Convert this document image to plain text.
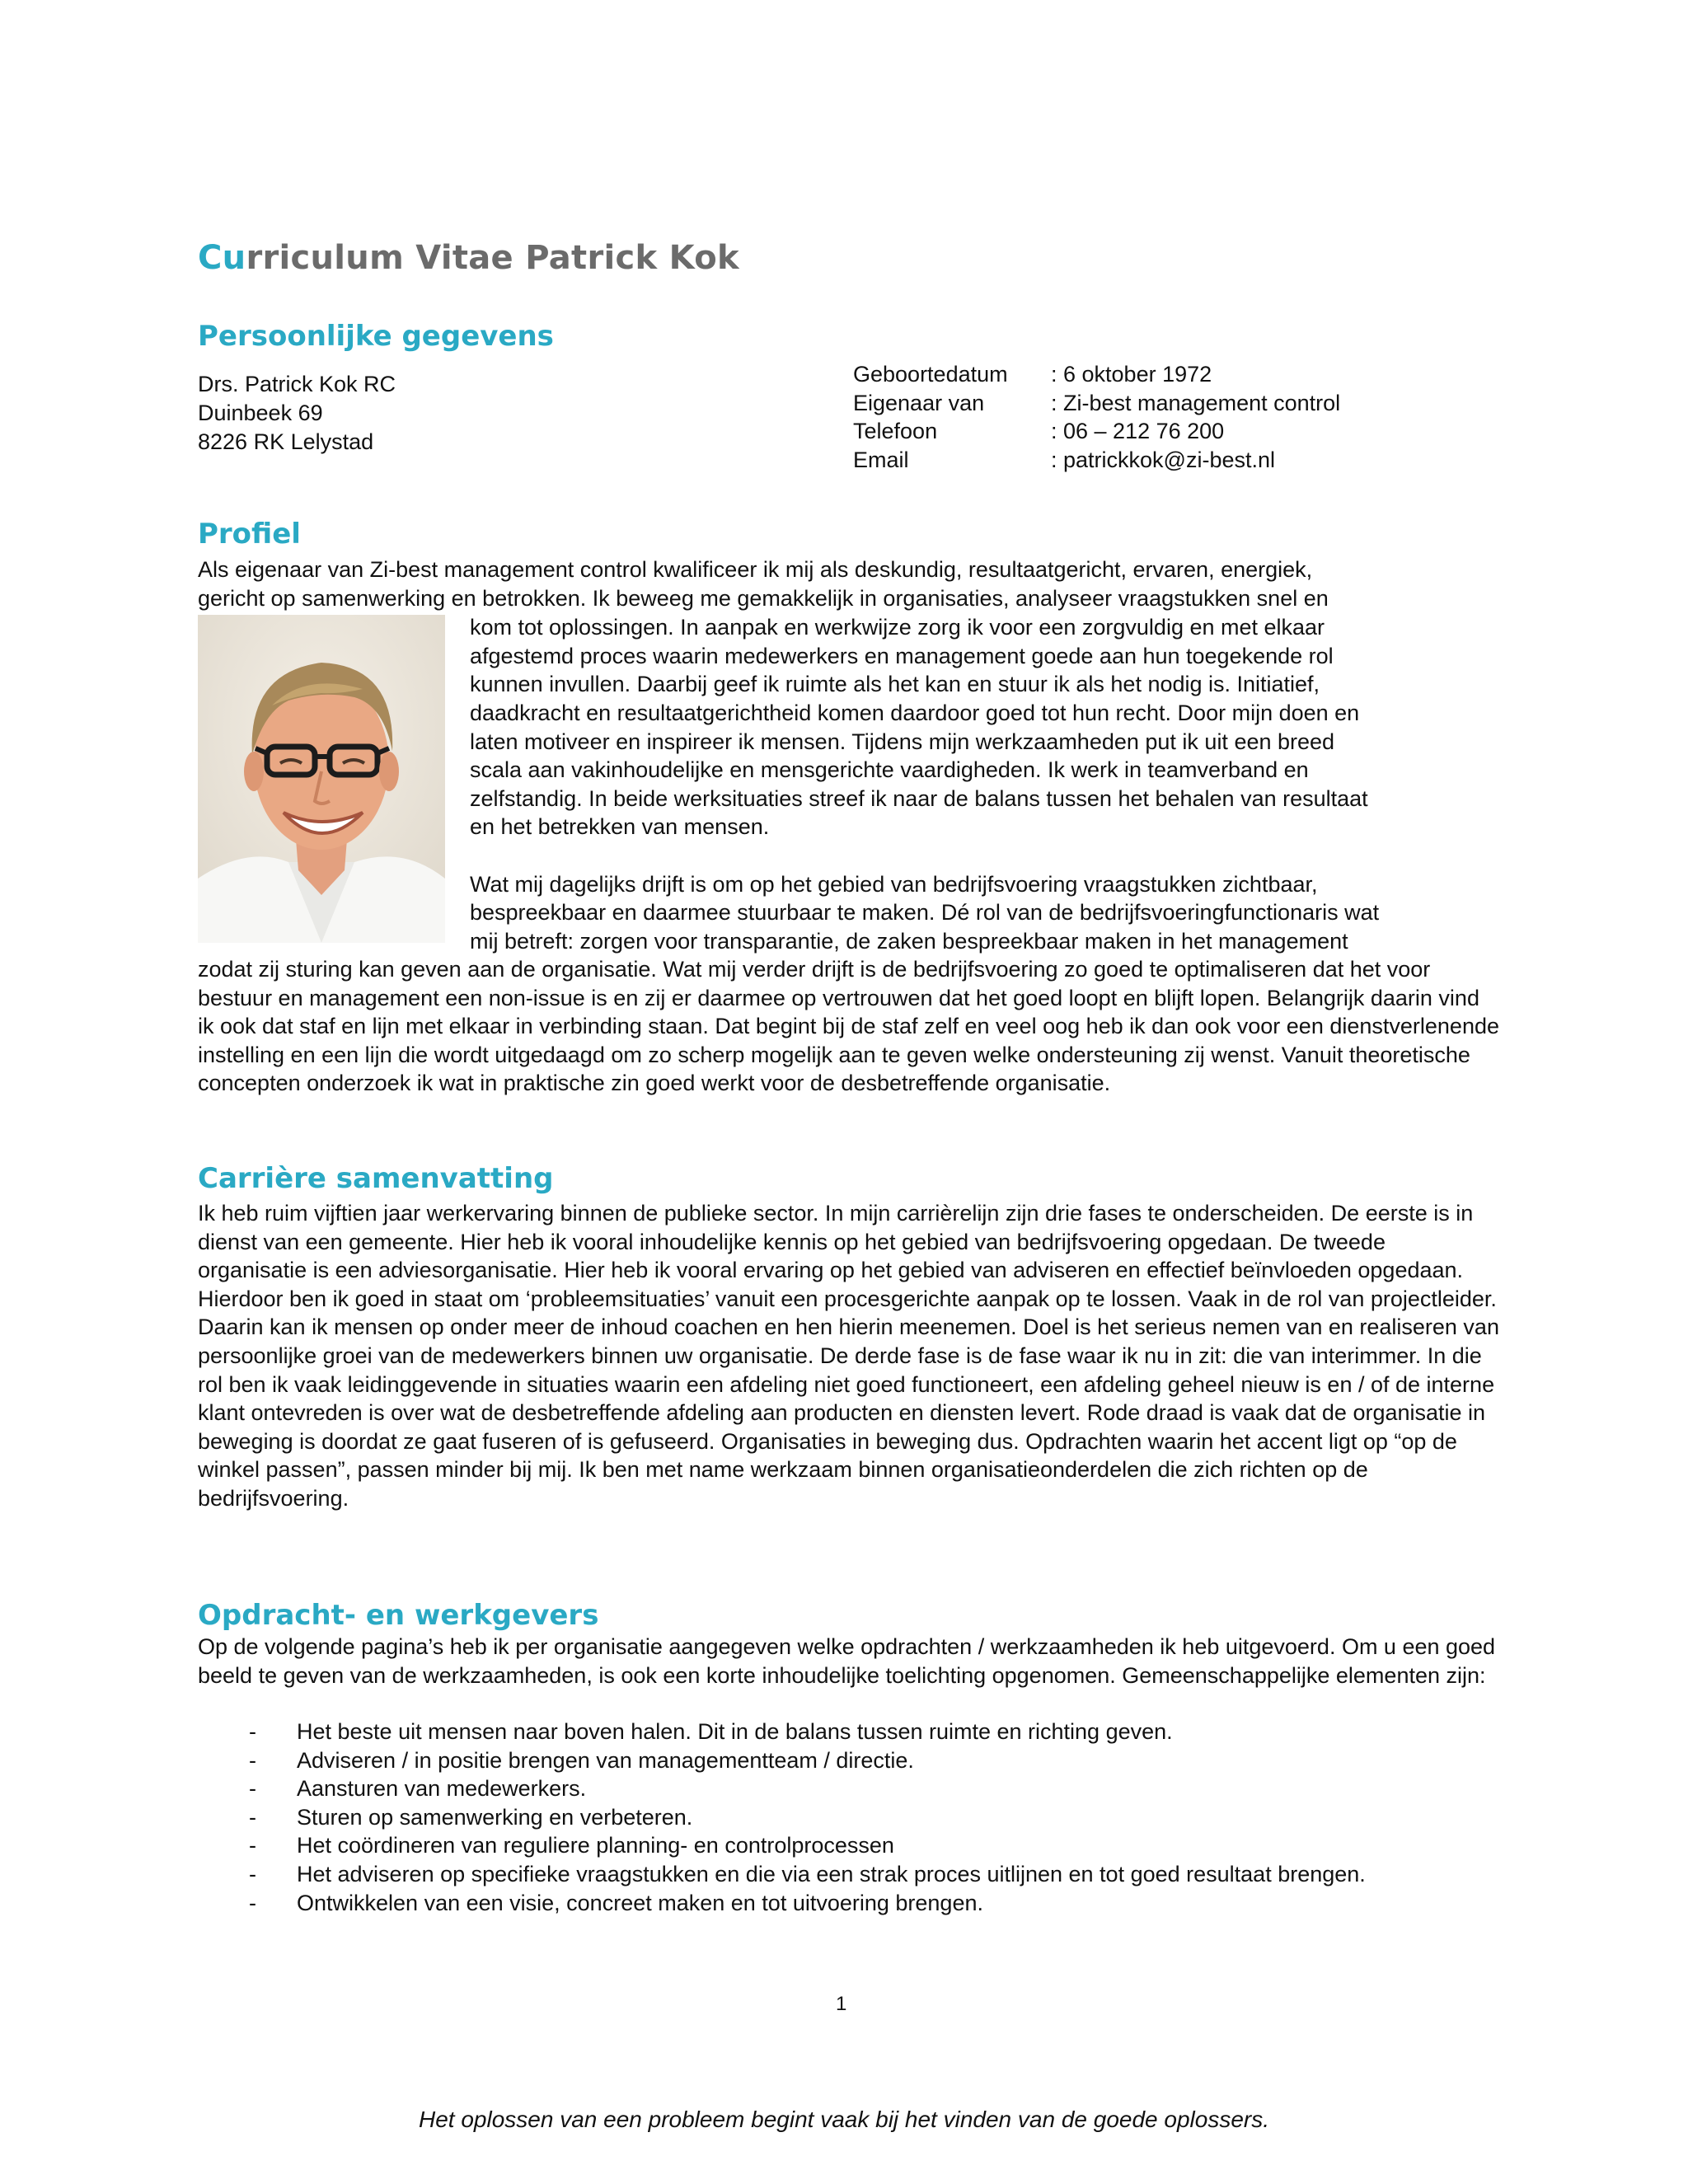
Curriculum Vitae Patrick Kok
Persoonlijke gegevens
Drs. Patrick Kok RC
Duinbeek 69
8226 RK Lelystad
Geboortedatum	: 6 oktober 1972
Eigenaar van	: Zi-best management control
Telefoon	: 06 – 212 76 200
Email	: patrickkok@zi-best.nl
Profiel
Als eigenaar van Zi-best management control kwalificeer ik mij als deskundig, resultaatgericht, ervaren, energiek,
gericht op samenwerking en betrokken. Ik beweeg me gemakkelijk in organisaties, analyseer vraagstukken snel en
kom tot oplossingen. In aanpak en werkwijze zorg ik voor een zorgvuldig en met elkaar
afgestemd proces waarin medewerkers en management goede aan hun toegekende rol
kunnen invullen. Daarbij geef ik ruimte als het kan en stuur ik als het nodig is. Initiatief,
daadkracht en resultaatgerichtheid komen daardoor goed tot hun recht. Door mijn doen en
laten motiveer en inspireer ik mensen. Tijdens mijn werkzaamheden put ik uit een breed
scala aan vakinhoudelijke en mensgerichte vaardigheden. Ik werk in teamverband en
zelfstandig. In beide werksituaties streef ik naar de balans tussen het behalen van resultaat
en het betrekken van mensen.
Wat mij dagelijks drijft is om op het gebied van bedrijfsvoering vraagstukken zichtbaar,
bespreekbaar en daarmee stuurbaar te maken. Dé rol van de bedrijfsvoeringfunctionaris wat
mij betreft: zorgen voor transparantie, de zaken bespreekbaar maken in het management

zodat zij sturing kan geven aan de organisatie. Wat mij verder drijft is de bedrijfsvoering zo goed te optimaliseren dat het voor bestuur en management een non-issue is en zij er daarmee op vertrouwen dat het goed loopt en blijft lopen. Belangrijk daarin vind ik ook dat staf en lijn met elkaar in verbinding staan. Dat begint bij de staf zelf en veel oog heb ik dan ook voor een dienstverlenende instelling en een lijn die wordt uitgedaagd om zo scherp mogelijk aan te geven welke ondersteuning zij wenst. Vanuit theoretische concepten onderzoek ik wat in praktische zin goed werkt voor de desbetreffende organisatie.

Carrière samenvatting

Ik heb ruim vijftien jaar werkervaring binnen de publieke sector. In mijn carrièrelijn zijn drie fases te onderscheiden. De eerste is in dienst van een gemeente. Hier heb ik vooral inhoudelijke kennis op het gebied van bedrijfsvoering opgedaan. De tweede organisatie is een adviesorganisatie. Hier heb ik vooral ervaring op het gebied van adviseren en effectief beïnvloeden opgedaan. Hierdoor ben ik goed in staat om ‘probleemsituaties’ vanuit een procesgerichte aanpak op te lossen. Vaak in de rol van projectleider. Daarin kan ik mensen op onder meer de inhoud coachen en hen hierin meenemen. Doel is het serieus nemen van en realiseren van persoonlijke groei van de medewerkers binnen uw organisatie. De derde fase is de fase waar ik nu in zit: die van interimmer. In die rol ben ik vaak leidinggevende in situaties waarin een afdeling niet goed functioneert, een afdeling geheel nieuw is en / of de interne klant ontevreden is over wat de desbetreffende afdeling aan producten en diensten levert. Rode draad is vaak dat de organisatie in beweging is doordat ze gaat fuseren of is gefuseerd. Organisaties in beweging dus. Opdrachten waarin het accent ligt op “op de winkel passen”, passen minder bij mij. Ik ben met name werkzaam binnen organisatieonderdelen die zich richten op de bedrijfsvoering.

Opdracht- en werkgevers

Op de volgende pagina’s heb ik per organisatie aangegeven welke opdrachten / werkzaamheden ik heb uitgevoerd. Om u een goed beeld te geven van de werkzaamheden, is ook een korte inhoudelijke toelichting opgenomen. Gemeenschappelijke elementen zijn:

- Het beste uit mensen naar boven halen. Dit in de balans tussen ruimte en richting geven.
- Adviseren / in positie brengen van managementteam / directie.
- Aansturen van medewerkers.
- Sturen op samenwerking en verbeteren.
- Het coördineren van reguliere planning- en controlprocessen
- Het adviseren op specifieke vraagstukken en die via een strak proces uitlijnen en tot goed resultaat brengen.
- Ontwikkelen van een visie, concreet maken en tot uitvoering brengen.
1
Het oplossen van een probleem begint vaak bij het vinden van de goede oplossers.
